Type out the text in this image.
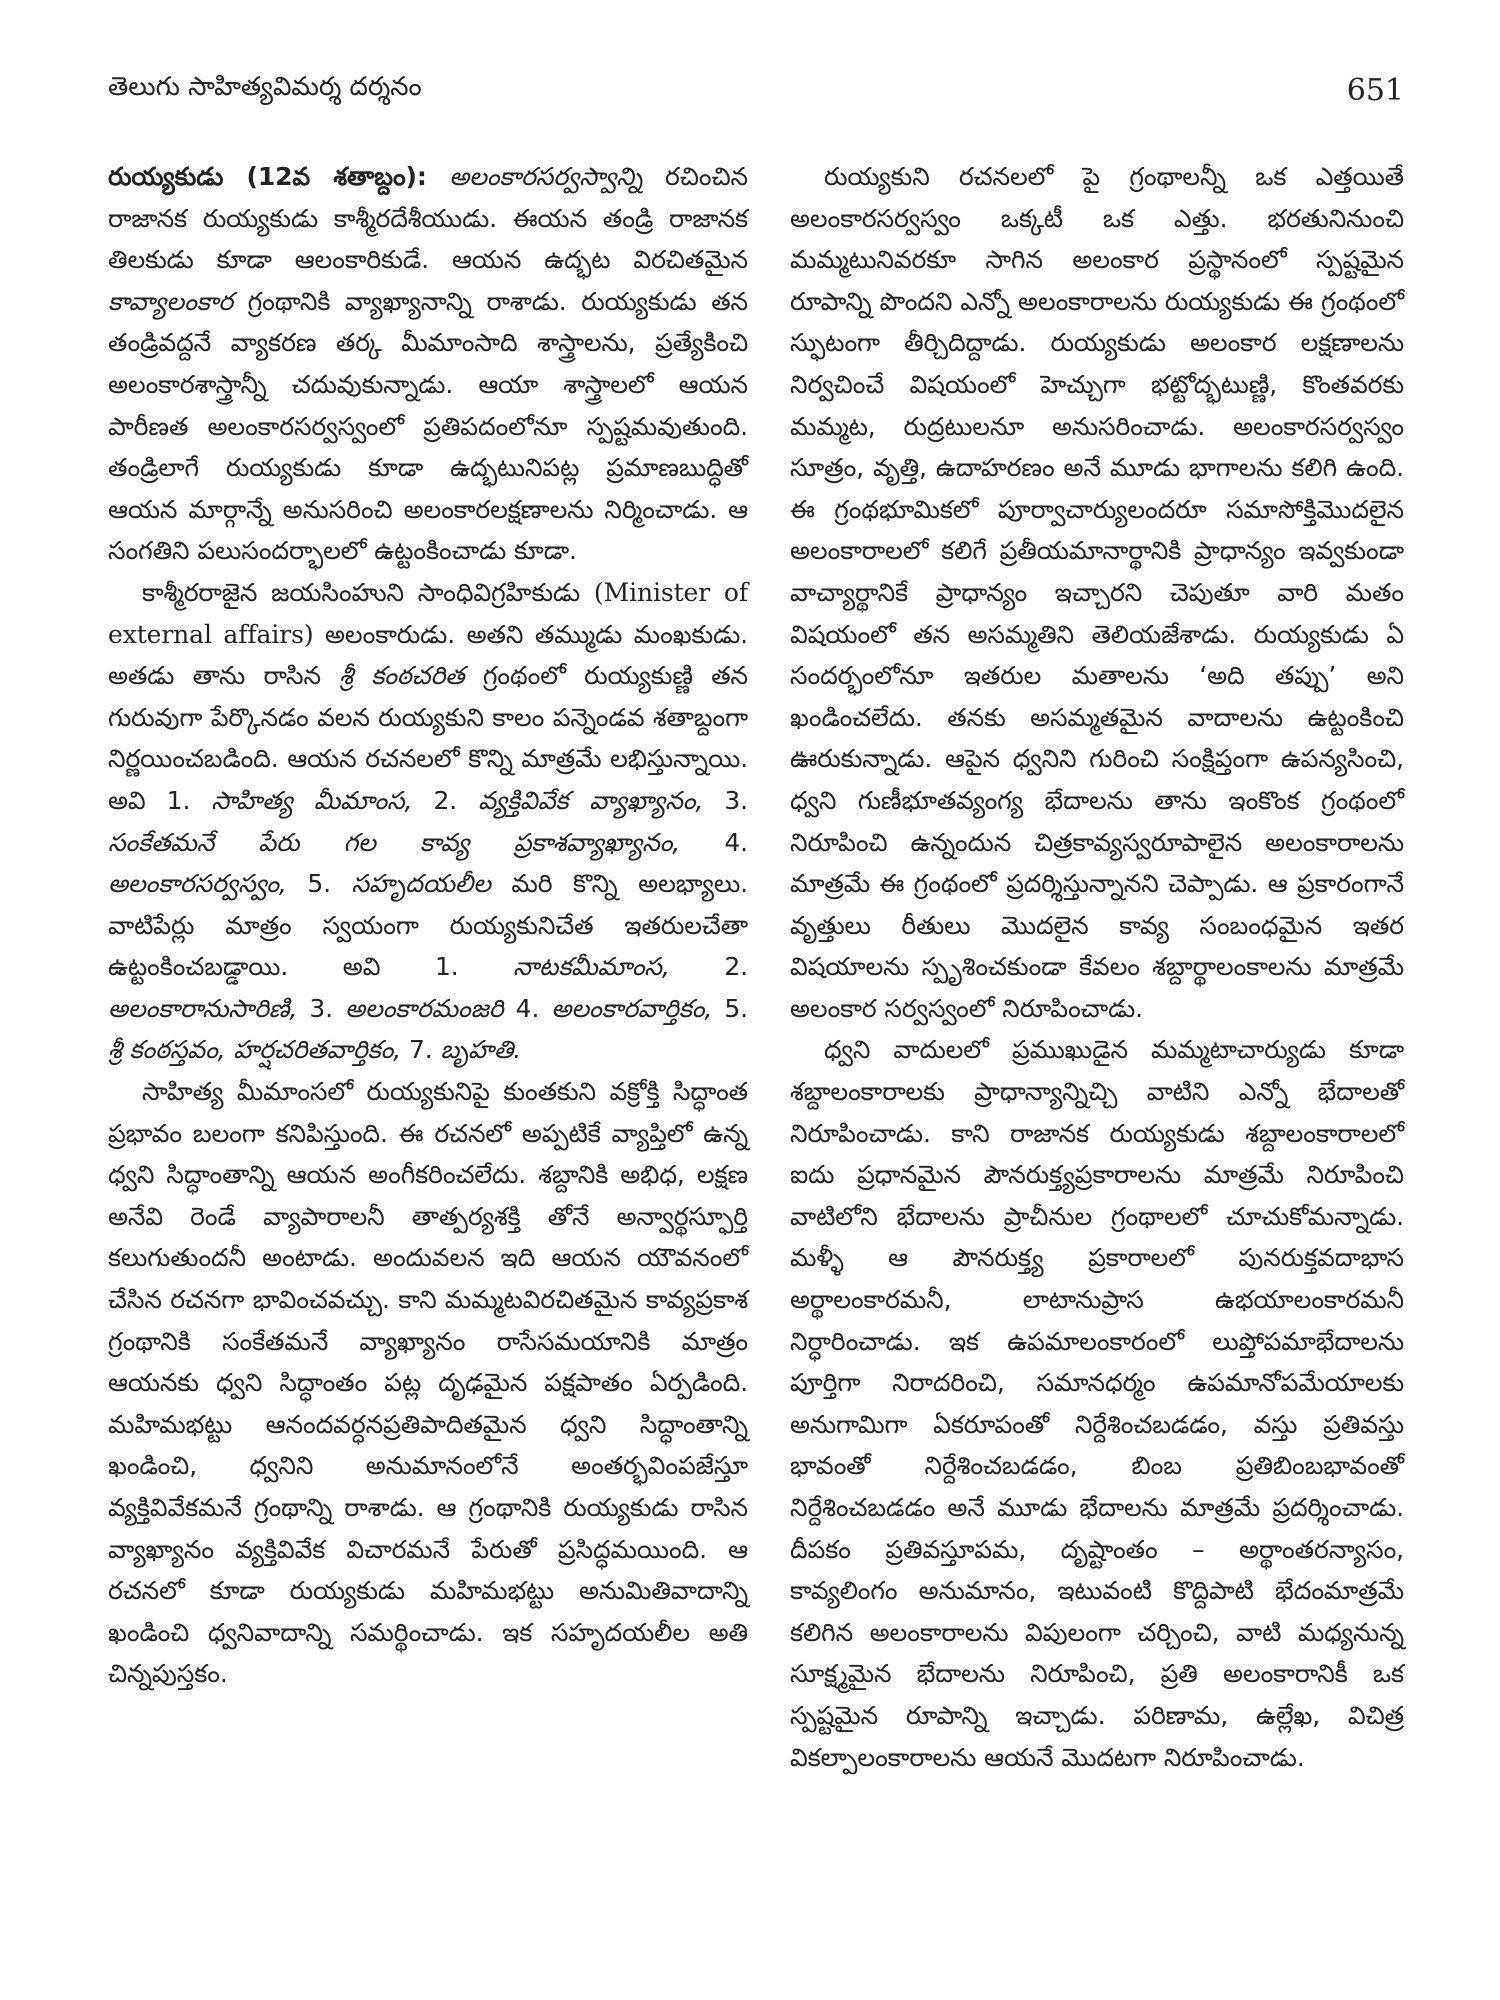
తెలుగు సాహిత్యవిమర్శ దర్శనం	651

రుయ్యకుడు (12వ శతాబ్దం): అలంకారసర్వస్వాన్ని రచించిన రాజానక రుయ్యకుడు కాశ్మీరదేశీయుడు. ఈయన తండ్రి రాజానక తిలకుడు కూడా ఆలంకారికుడే. ఆయన ఉద్భట విరచితమైన కావ్యాలంకార గ్రంథానికి వ్యాఖ్యానాన్ని రాశాడు. రుయ్యకుడు తన తండ్రివద్దనే వ్యాకరణ తర్క మీమాంసాది శాస్త్రాలను, ప్రత్యేకించి అలంకారశాస్త్రాన్నీ చదువుకున్నాడు. ఆయా శాస్త్రాలలో ఆయన పారీణత అలంకారసర్వస్వంలో ప్రతిపదంలోనూ స్పష్టమవుతుంది. తండ్రిలాగే రుయ్యకుడు కూడా ఉద్భటునిపట్ల ప్రమాణబుద్ధితో ఆయన మార్గాన్నే అనుసరించి అలంకారలక్షణాలను నిర్మించాడు. ఆ సంగతిని పలుసందర్భాలలో ఉట్టంకించాడు కూడా.

కాశ్మీరరాజైన జయసింహుని సాంధివిగ్రహికుడు (Minister of external affairs) అలంకారుడు. అతని తమ్ముడు మంఖకుడు. అతడు తాను రాసిన శ్రీ కంఠచరిత గ్రంథంలో రుయ్యకుణ్ణి తన గురువుగా పేర్కొనడం వలన రుయ్యకుని కాలం పన్నెండవ శతాబ్దంగా నిర్ణయించబడింది. ఆయన రచనలలో కొన్ని మాత్రమే లభిస్తున్నాయి. అవి 1. సాహిత్య మీమాంస, 2. వ్యక్తివివేక వ్యాఖ్యానం, 3. సంకేతమనే పేరు గల కావ్య ప్రకాశవ్యాఖ్యానం, 4. అలంకారసర్వస్వం, 5. సహృదయలీల మరి కొన్ని అలభ్యాలు. వాటిపేర్లు మాత్రం స్వయంగా రుయ్యకునిచేత ఇతరులచేతా ఉట్టంకించబడ్డాయి. అవి 1. నాటకమీమాంస, 2. అలంకారానుసారిణి, 3. అలంకారమంజరి 4. అలంకారవార్తికం, 5. శ్రీ కంఠస్తవం, హర్షచరితవార్తికం, 7. బృహతి.

సాహిత్య మీమాంసలో రుయ్యకునిపై కుంతకుని వక్రోక్తి సిద్ధాంత ప్రభావం బలంగా కనిపిస్తుంది. ఈ రచనలో అప్పటికే వ్యాప్తిలో ఉన్న ధ్వని సిద్ధాంతాన్ని ఆయన అంగీకరించలేదు. శబ్దానికి అభిధ, లక్షణ అనేవి రెండే వ్యాపారాలనీ తాత్పర్యశక్తి తోనే అన్వార్థస్ఫూర్తి కలుగుతుందనీ అంటాడు. అందువలన ఇది ఆయన యౌవనంలో చేసిన రచనగా భావించవచ్చు. కాని మమ్మటవిరచితమైన కావ్యప్రకాశ గ్రంథానికి సంకేతమనే వ్యాఖ్యానం రాసేసమయానికి మాత్రం ఆయనకు ధ్వని సిద్ధాంతం పట్ల దృఢమైన పక్షపాతం ఏర్పడింది. మహిమభట్టు ఆనందవర్ధనప్రతిపాదితమైన ధ్వని సిద్ధాంతాన్ని ఖండించి, ధ్వనిని అనుమానంలోనే అంతర్భవింపజేస్తూ వ్యక్తివివేకమనే గ్రంథాన్ని రాశాడు. ఆ గ్రంథానికి రుయ్యకుడు రాసిన వ్యాఖ్యానం వ్యక్తివివేక విచారమనే పేరుతో ప్రసిద్ధమయింది. ఆ రచనలో కూడా రుయ్యకుడు మహిమభట్టు అనుమితివాదాన్ని ఖండించి ధ్వనివాదాన్ని సమర్థించాడు. ఇక సహృదయలీల అతి చిన్నపుస్తకం.

రుయ్యకుని రచనలలో పై గ్రంథాలన్నీ ఒక ఎత్తయితే అలంకారసర్వస్వం ఒక్కటీ ఒక ఎత్తు. భరతునినుంచి మమ్మటునివరకూ సాగిన అలంకార ప్రస్థానంలో స్పష్టమైన రూపాన్ని పొందని ఎన్నో అలంకారాలను రుయ్యకుడు ఈ గ్రంథంలో స్ఫుటంగా తీర్చిదిద్దాడు. రుయ్యకుడు అలంకార లక్షణాలను నిర్వచించే విషయంలో హెచ్చుగా భట్టోద్భటుణ్ణి, కొంతవరకు మమ్మట, రుద్రటులనూ అనుసరించాడు. అలంకారసర్వస్వం సూత్రం, వృత్తి, ఉదాహరణం అనే మూడు భాగాలను కలిగి ఉంది. ఈ గ్రంథభూమికలో పూర్వాచార్యులందరూ సమాసోక్తిమొదలైన అలంకారాలలో కలిగే ప్రతీయమానార్థానికి ప్రాధాన్యం ఇవ్వకుండా వాచ్యార్థానికే ప్రాధాన్యం ఇచ్చారని చెపుతూ వారి మతం విషయంలో తన అసమ్మతిని తెలియజేశాడు. రుయ్యకుడు ఏ సందర్భంలోనూ ఇతరుల మతాలను ‘అది తప్పు’ అని ఖండించలేదు. తనకు అసమ్మతమైన వాదాలను ఉట్టంకించి ఊరుకున్నాడు. ఆపైన ధ్వనిని గురించి సంక్షిప్తంగా ఉపన్యసించి, ధ్వని గుణీభూతవ్యంగ్య భేదాలను తాను ఇంకొంక గ్రంథంలో నిరూపించి ఉన్నందున చిత్రకావ్యస్వరూపాలైన అలంకారాలను మాత్రమే ఈ గ్రంథంలో ప్రదర్శిస్తున్నానని చెప్పాడు. ఆ ప్రకారంగానే వృత్తులు రీతులు మొదలైన కావ్య సంబంధమైన ఇతర విషయాలను స్పృశించకుండా కేవలం శబ్దార్థాలంకాలను మాత్రమే అలంకార సర్వస్వంలో నిరూపించాడు.

ధ్వని వాదులలో ప్రముఖుడైన మమ్మటాచార్యుడు కూడా శబ్దాలంకారాలకు ప్రాధాన్యాన్నిచ్చి వాటిని ఎన్నో భేదాలతో నిరూపించాడు. కాని రాజానక రుయ్యకుడు శబ్దాలంకారాలలో ఐదు ప్రధానమైన పౌనరుక్త్యప్రకారాలను మాత్రమే నిరూపించి వాటిలోని భేదాలను ప్రాచీనుల గ్రంథాలలో చూచుకోమన్నాడు. మళ్ళీ ఆ పౌనరుక్త్య ప్రకారాలలో పునరుక్తవదాభాస అర్థాలంకారమనీ, లాటానుప్రాస ఉభయాలంకారమనీ నిర్ధారించాడు. ఇక ఉపమాలంకారంలో లుప్తోపమాభేదాలను పూర్తిగా నిరాదరించి, సమానధర్మం ఉపమానోపమేయాలకు అనుగామిగా ఏకరూపంతో నిర్దేశించబడడం, వస్తు ప్రతివస్తు భావంతో నిర్దేశించబడడం, బింబ ప్రతిబింబభావంతో నిర్దేశించబడడం అనే మూడు భేదాలను మాత్రమే ప్రదర్శించాడు. దీపకం ప్రతివస్తూపమ, దృష్టాంతం – అర్థాంతరన్యాసం, కావ్యలింగం అనుమానం, ఇటువంటి కొద్దిపాటి భేదంమాత్రమే కలిగిన అలంకారాలను విపులంగా చర్చించి, వాటి మధ్యనున్న సూక్ష్మమైన భేదాలను నిరూపించి, ప్రతి అలంకారానికీ ఒక స్పష్టమైన రూపాన్ని ఇచ్చాడు. పరిణామ, ఉల్లేఖ, విచిత్ర వికల్పాలంకారాలను ఆయనే మొదటగా నిరూపించాడు.
